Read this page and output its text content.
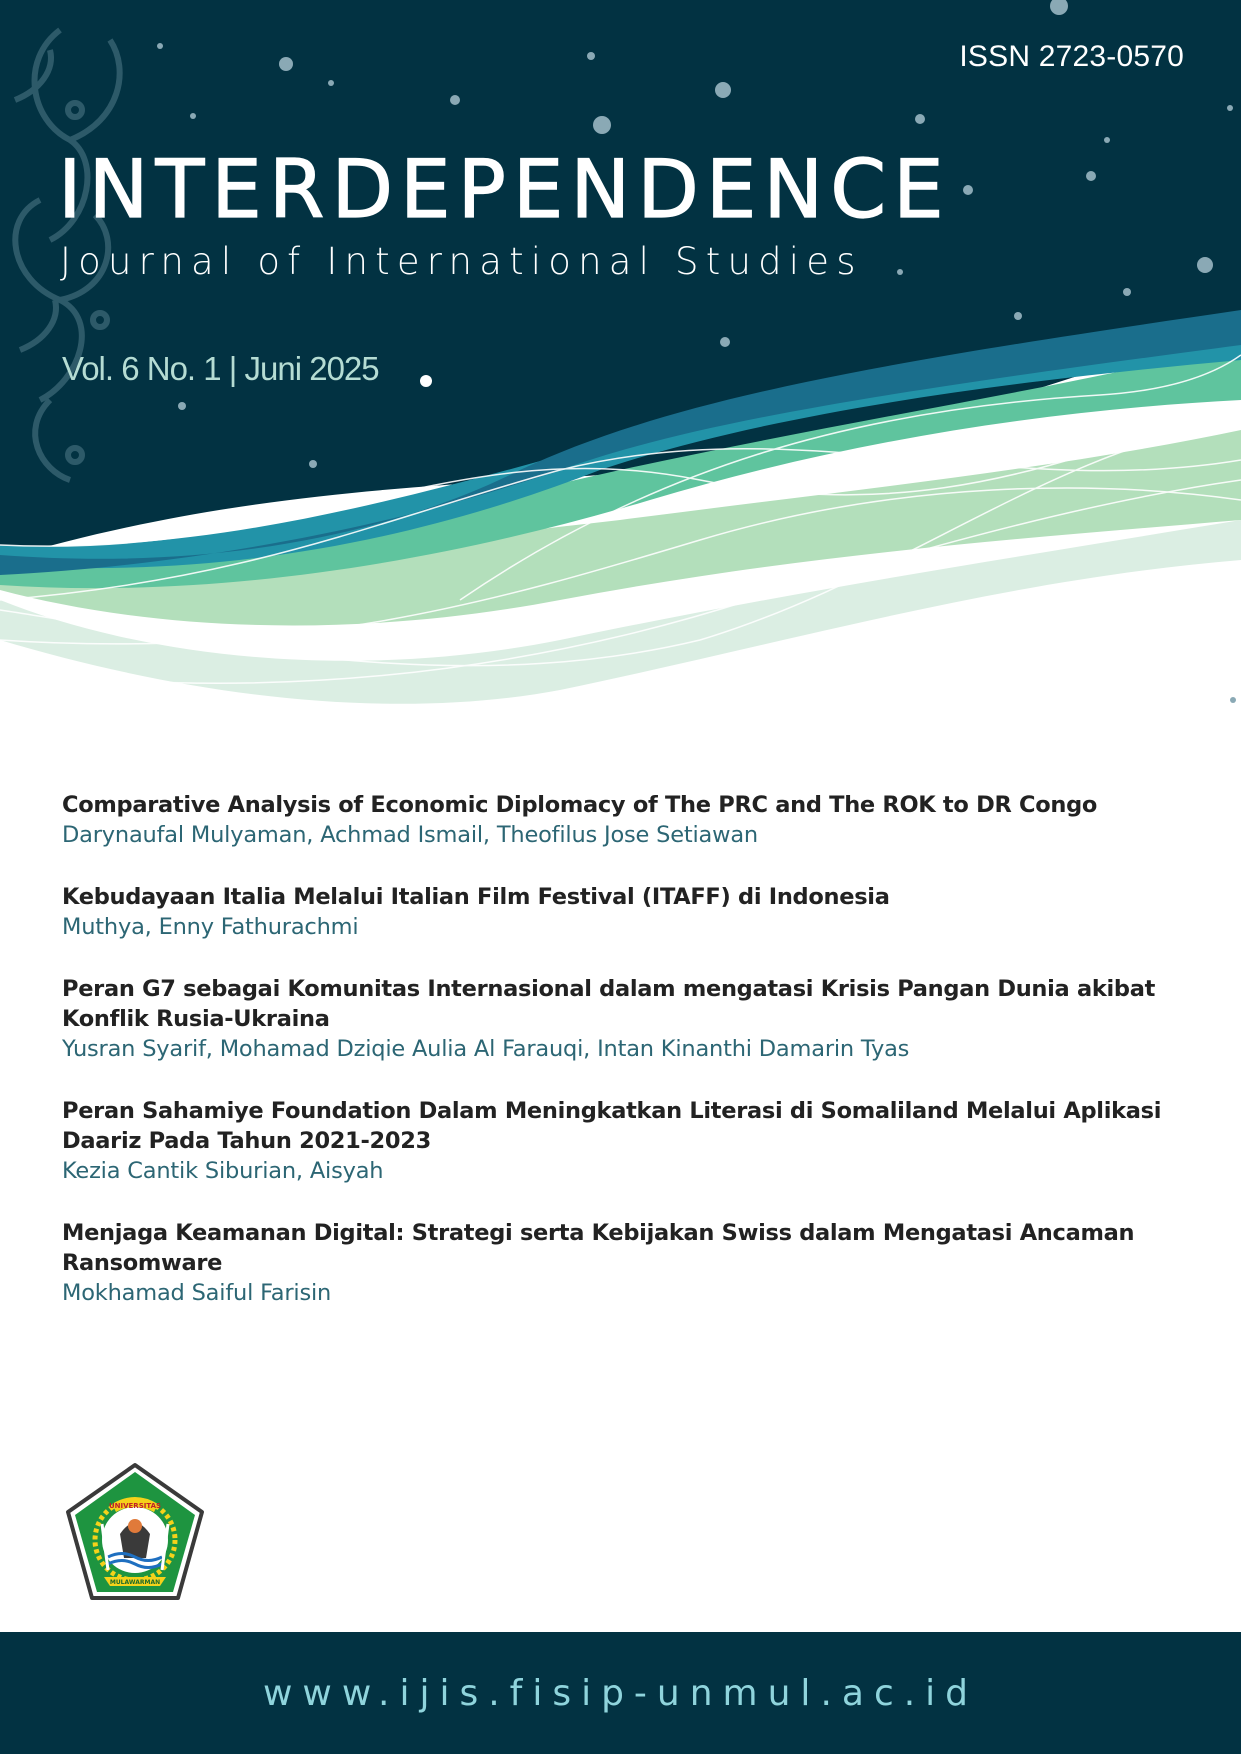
ISSN 2723-0570
INTERDEPENDENCE
Journal of International Studies
Vol. 6 No. 1 | Juni 2025
Comparative Analysis of Economic Diplomacy of The PRC and The ROK to DR Congo
Darynaufal Mulyaman, Achmad Ismail, Theofilus Jose Setiawan
Kebudayaan Italia Melalui Italian Film Festival (ITAFF) di Indonesia
Muthya, Enny Fathurachmi
Peran G7 sebagai Komunitas Internasional dalam mengatasi Krisis Pangan Dunia akibat Konflik Rusia-Ukraina
Yusran Syarif, Mohamad Dziqie Aulia Al Farauqi, Intan Kinanthi Damarin Tyas
Peran Sahamiye Foundation Dalam Meningkatkan Literasi di Somaliland Melalui Aplikasi Daariz Pada Tahun 2021-2023
Kezia Cantik Siburian, Aisyah
Menjaga Keamanan Digital: Strategi serta Kebijakan Swiss dalam Mengatasi Ancaman Ransomware
Mokhamad Saiful Farisin
UNIVERSITAS
MULAWARMAN
www.ijis.fisip-unmul.ac.id
